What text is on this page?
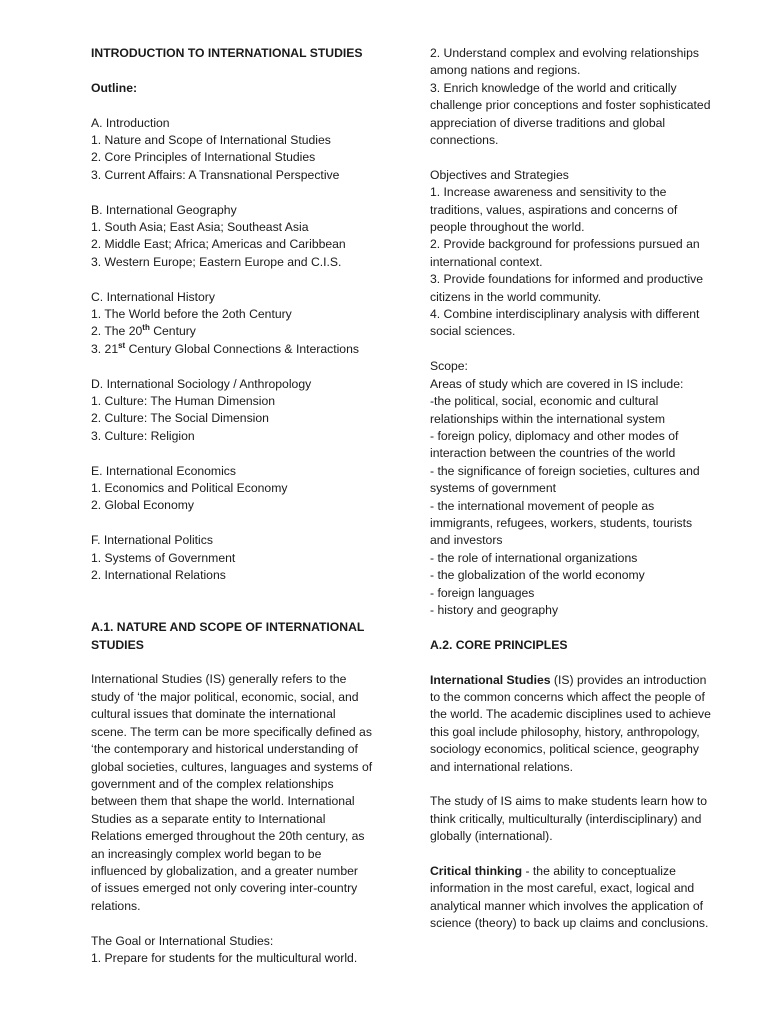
INTRODUCTION TO INTERNATIONAL STUDIES
Outline:
A. Introduction
1. Nature and Scope of International Studies
2. Core Principles of International Studies
3. Current Affairs: A Transnational Perspective
B. International Geography
1. South Asia; East Asia; Southeast Asia
2. Middle East; Africa; Americas and Caribbean
3. Western Europe; Eastern Europe and C.I.S.
C. International History
1. The World before the 2oth Century
2. The 20th Century
3. 21st Century Global Connections & Interactions
D. International Sociology / Anthropology
1. Culture: The Human Dimension
2. Culture: The Social Dimension
3. Culture: Religion
E. International Economics
1. Economics and Political Economy
2. Global Economy
F. International Politics
1. Systems of Government
2. International Relations
A.1. NATURE AND SCOPE OF INTERNATIONAL
STUDIES
International Studies (IS) generally refers to the
study of ‘the major political, economic, social, and
cultural issues that dominate the international
scene. The term can be more specifically defined as
‘the contemporary and historical understanding of
global societies, cultures, languages and systems of
government and of the complex relationships
between them that shape the world. International
Studies as a separate entity to International
Relations emerged throughout the 20th century, as
an increasingly complex world began to be
influenced by globalization, and a greater number
of issues emerged not only covering inter-country
relations.
The Goal or International Studies:
1. Prepare for students for the multicultural world.
2. Understand complex and evolving relationships
among nations and regions.
3. Enrich knowledge of the world and critically
challenge prior conceptions and foster sophisticated
appreciation of diverse traditions and global
connections.
Objectives and Strategies
1. Increase awareness and sensitivity to the
traditions, values, aspirations and concerns of
people throughout the world.
2. Provide background for professions pursued an
international context.
3. Provide foundations for informed and productive
citizens in the world community.
4. Combine interdisciplinary analysis with different
social sciences.
Scope:
Areas of study which are covered in IS include:
-the political, social, economic and cultural
relationships within the international system
- foreign policy, diplomacy and other modes of
interaction between the countries of the world
- the significance of foreign societies, cultures and
systems of government
- the international movement of people as
immigrants, refugees, workers, students, tourists
and investors
- the role of international organizations
- the globalization of the world economy
- foreign languages
- history and geography
A.2. CORE PRINCIPLES
International Studies (IS) provides an introduction
to the common concerns which affect the people of
the world. The academic disciplines used to achieve
this goal include philosophy, history, anthropology,
sociology economics, political science, geography
and international relations.
The study of IS aims to make students learn how to
think critically, multiculturally (interdisciplinary) and
globally (international).
Critical thinking - the ability to conceptualize
information in the most careful, exact, logical and
analytical manner which involves the application of
science (theory) to back up claims and conclusions.
